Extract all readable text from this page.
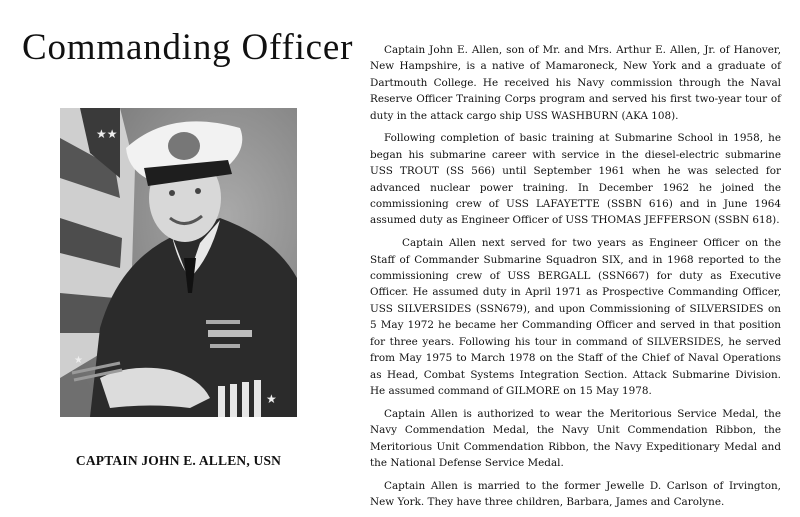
Commanding Officer
★★
★
★
CAPTAIN JOHN E. ALLEN, USN

Captain John E. Allen, son of Mr. and Mrs. Arthur E. Allen, Jr. of Hanover, New Hampshire, is a native of Mamaroneck, New York and a graduate of Dartmouth College. He received his Navy commission through the Naval Reserve Officer Training Corps program and served his first two-year tour of duty in the attack cargo ship USS WASHBURN (AKA 108).

Following completion of basic training at Submarine School in 1958, he began his submarine career with service in the diesel-electric submarine USS TROUT (SS 566) until September 1961 when he was selected for advanced nuclear power training. In December 1962 he joined the commissioning crew of USS LAFAYETTE (SSBN 616) and in June 1964 assumed duty as Engineer Officer of USS THOMAS JEFFERSON (SSBN 618).

Captain Allen next served for two years as Engineer Officer on the Staff of Commander Submarine Squadron SIX, and in 1968 reported to the commissioning crew of USS BERGALL (SSN667) for duty as Executive Officer. He assumed duty in April 1971 as Prospective Commanding Officer, USS SILVERSIDES (SSN679), and upon Commissioning of SILVERSIDES on 5 May 1972 he became her Commanding Officer and served in that position for three years. Following his tour in command of SILVERSIDES, he served from May 1975 to March 1978 on the Staff of the Chief of Naval Operations as Head, Combat Systems Integration Section. Attack Submarine Division. He assumed command of GILMORE on 15 May 1978.

Captain Allen is authorized to wear the Meritorious Service Medal, the Navy Commendation Medal, the Navy Unit Commendation Ribbon, the Meritorious Unit Commendation Ribbon, the Navy Expeditionary Medal and the National Defense Service Medal.

Captain Allen is married to the former Jewelle D. Carlson of Irvington, New York. They have three children, Barbara, James and Carolyne.
